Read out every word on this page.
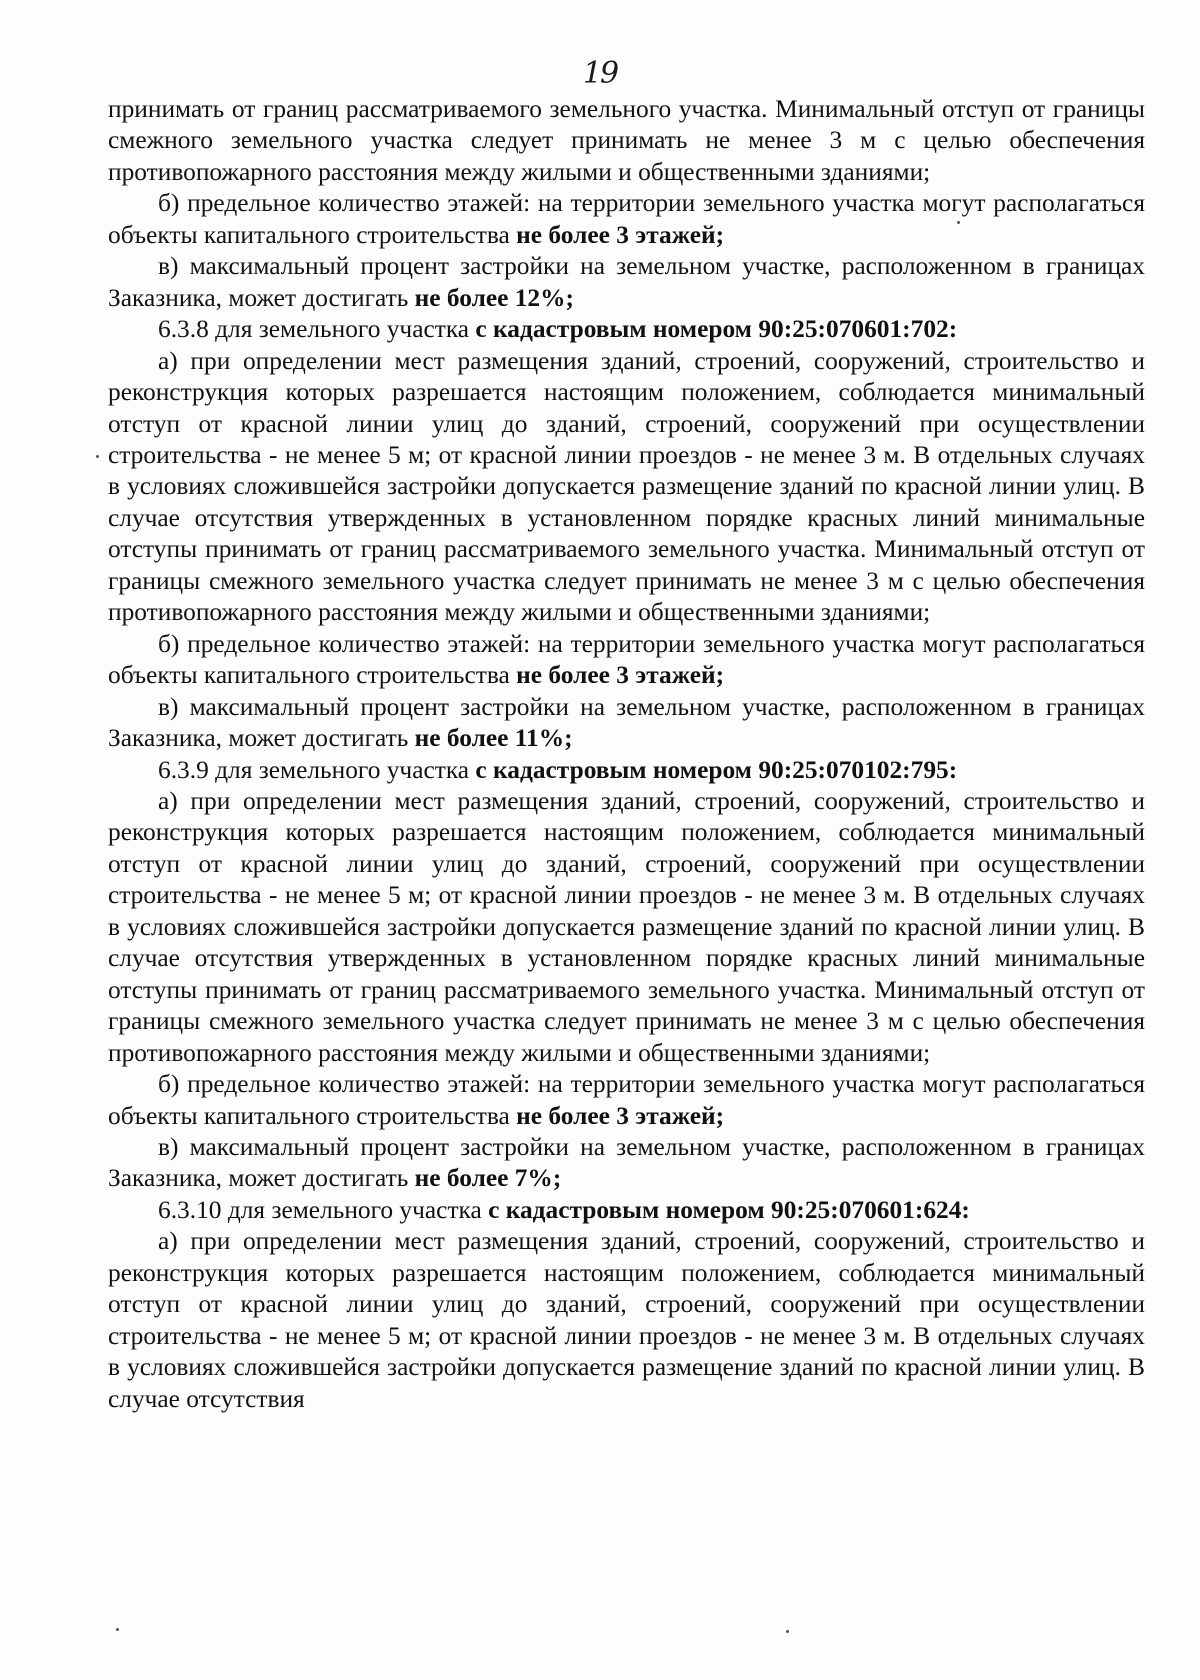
19

принимать от границ рассматриваемого земельного участка. Минимальный отступ от границы смежного земельного участка следует принимать не менее 3 м с целью обеспечения противопожарного расстояния между жилыми и общественными зданиями;

б) предельное количество этажей: на территории земельного участка могут располагаться объекты капитального строительства не более 3 этажей;

в) максимальный процент застройки на земельном участке, расположенном в границах Заказника, может достигать не более 12%;

6.3.8 для земельного участка с кадастровым номером 90:25:070601:702:

а) при определении мест размещения зданий, строений, сооружений, строительство и реконструкция которых разрешается настоящим положением, соблюдается минимальный отступ от красной линии улиц до зданий, строений, сооружений при осуществлении строительства - не менее 5 м; от красной линии проездов - не менее 3 м. В отдельных случаях в условиях сложившейся застройки допускается размещение зданий по красной линии улиц. В случае отсутствия утвержденных в установленном порядке красных линий минимальные отступы принимать от границ рассматриваемого земельного участка. Минимальный отступ от границы смежного земельного участка следует принимать не менее 3 м с целью обеспечения противопожарного расстояния между жилыми и общественными зданиями;

б) предельное количество этажей: на территории земельного участка могут располагаться объекты капитального строительства не более 3 этажей;

в) максимальный процент застройки на земельном участке, расположенном в границах Заказника, может достигать не более 11%;

6.3.9 для земельного участка с кадастровым номером 90:25:070102:795:

а) при определении мест размещения зданий, строений, сооружений, строительство и реконструкция которых разрешается настоящим положением, соблюдается минимальный отступ от красной линии улиц до зданий, строений, сооружений при осуществлении строительства - не менее 5 м; от красной линии проездов - не менее 3 м. В отдельных случаях в условиях сложившейся застройки допускается размещение зданий по красной линии улиц. В случае отсутствия утвержденных в установленном порядке красных линий минимальные отступы принимать от границ рассматриваемого земельного участка. Минимальный отступ от границы смежного земельного участка следует принимать не менее 3 м с целью обеспечения противопожарного расстояния между жилыми и общественными зданиями;

б) предельное количество этажей: на территории земельного участка могут располагаться объекты капитального строительства не более 3 этажей;

в) максимальный процент застройки на земельном участке, расположенном в границах Заказника, может достигать не более 7%;

6.3.10 для земельного участка с кадастровым номером 90:25:070601:624:

а) при определении мест размещения зданий, строений, сооружений, строительство и реконструкция которых разрешается настоящим положением, соблюдается минимальный отступ от красной линии улиц до зданий, строений, сооружений при осуществлении строительства - не менее 5 м; от красной линии проездов - не менее 3 м. В отдельных случаях в условиях сложившейся застройки допускается размещение зданий по красной линии улиц. В случае отсутствия
